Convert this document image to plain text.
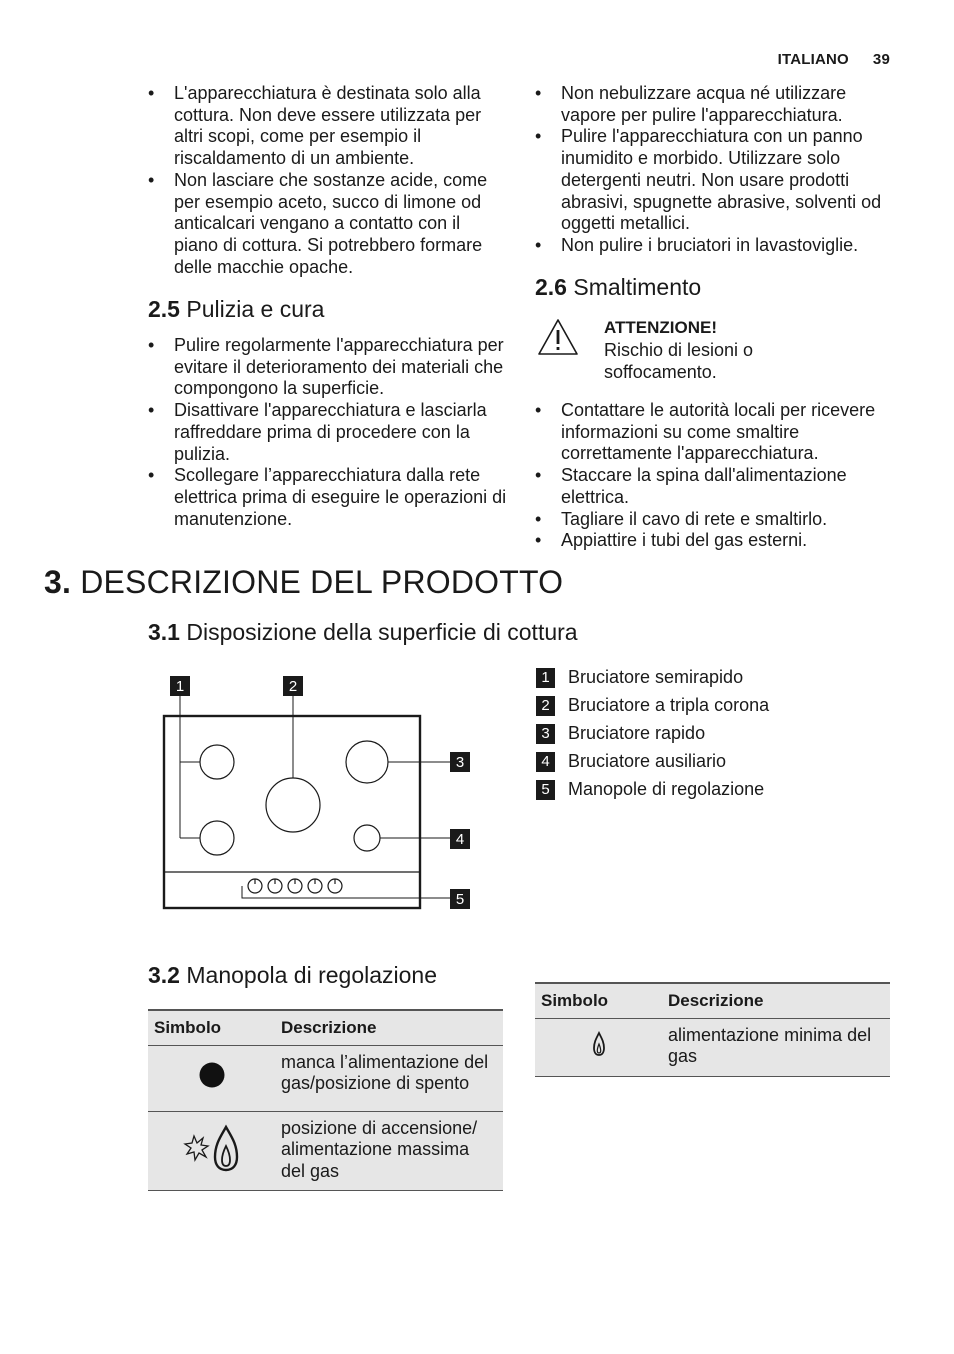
ITALIANO 39
• L'apparecchiatura è destinata solo alla cottura. Non deve essere utilizzata per altri scopi, come per esempio il riscaldamento di un ambiente.
• Non lasciare che sostanze acide, come per esempio aceto, succo di limone od anticalcari vengano a contatto con il piano di cottura. Si potrebbero formare delle macchie opache.
2.5 Pulizia e cura
• Pulire regolarmente l'apparecchiatura per evitare il deterioramento dei materiali che compongono la superficie.
• Disattivare l'apparecchiatura e lasciarla raffreddare prima di procedere con la pulizia.
• Scollegare l’apparecchiatura dalla rete elettrica prima di eseguire le operazioni di manutenzione.
• Non nebulizzare acqua né utilizzare vapore per pulire l'apparecchiatura.
• Pulire l'apparecchiatura con un panno inumidito e morbido. Utilizzare solo detergenti neutri. Non usare prodotti abrasivi, spugnette abrasive, solventi od oggetti metallici.
• Non pulire i bruciatori in lavastoviglie.
2.6 Smaltimento
ATTENZIONE!
Rischio di lesioni o soffocamento.
• Contattare le autorità locali per ricevere informazioni su come smaltire correttamente l'apparecchiatura.
• Staccare la spina dall'alimentazione elettrica.
• Tagliare il cavo di rete e smaltirlo.
• Appiattire i tubi del gas esterni.
3. DESCRIZIONE DEL PRODOTTO
3.1 Disposizione della superficie di cottura
1	2
3
4
5
1 Bruciatore semirapido
2 Bruciatore a tripla corona
3 Bruciatore rapido
4 Bruciatore ausiliario
5 Manopole di regolazione
3.2 Manopola di regolazione
Simbolo	Descrizione
	manca l’alimentazione del gas/posizione di spento
	posizione di accensione/ alimentazione massima del gas
Simbolo	Descrizione
	alimentazione minima del gas
